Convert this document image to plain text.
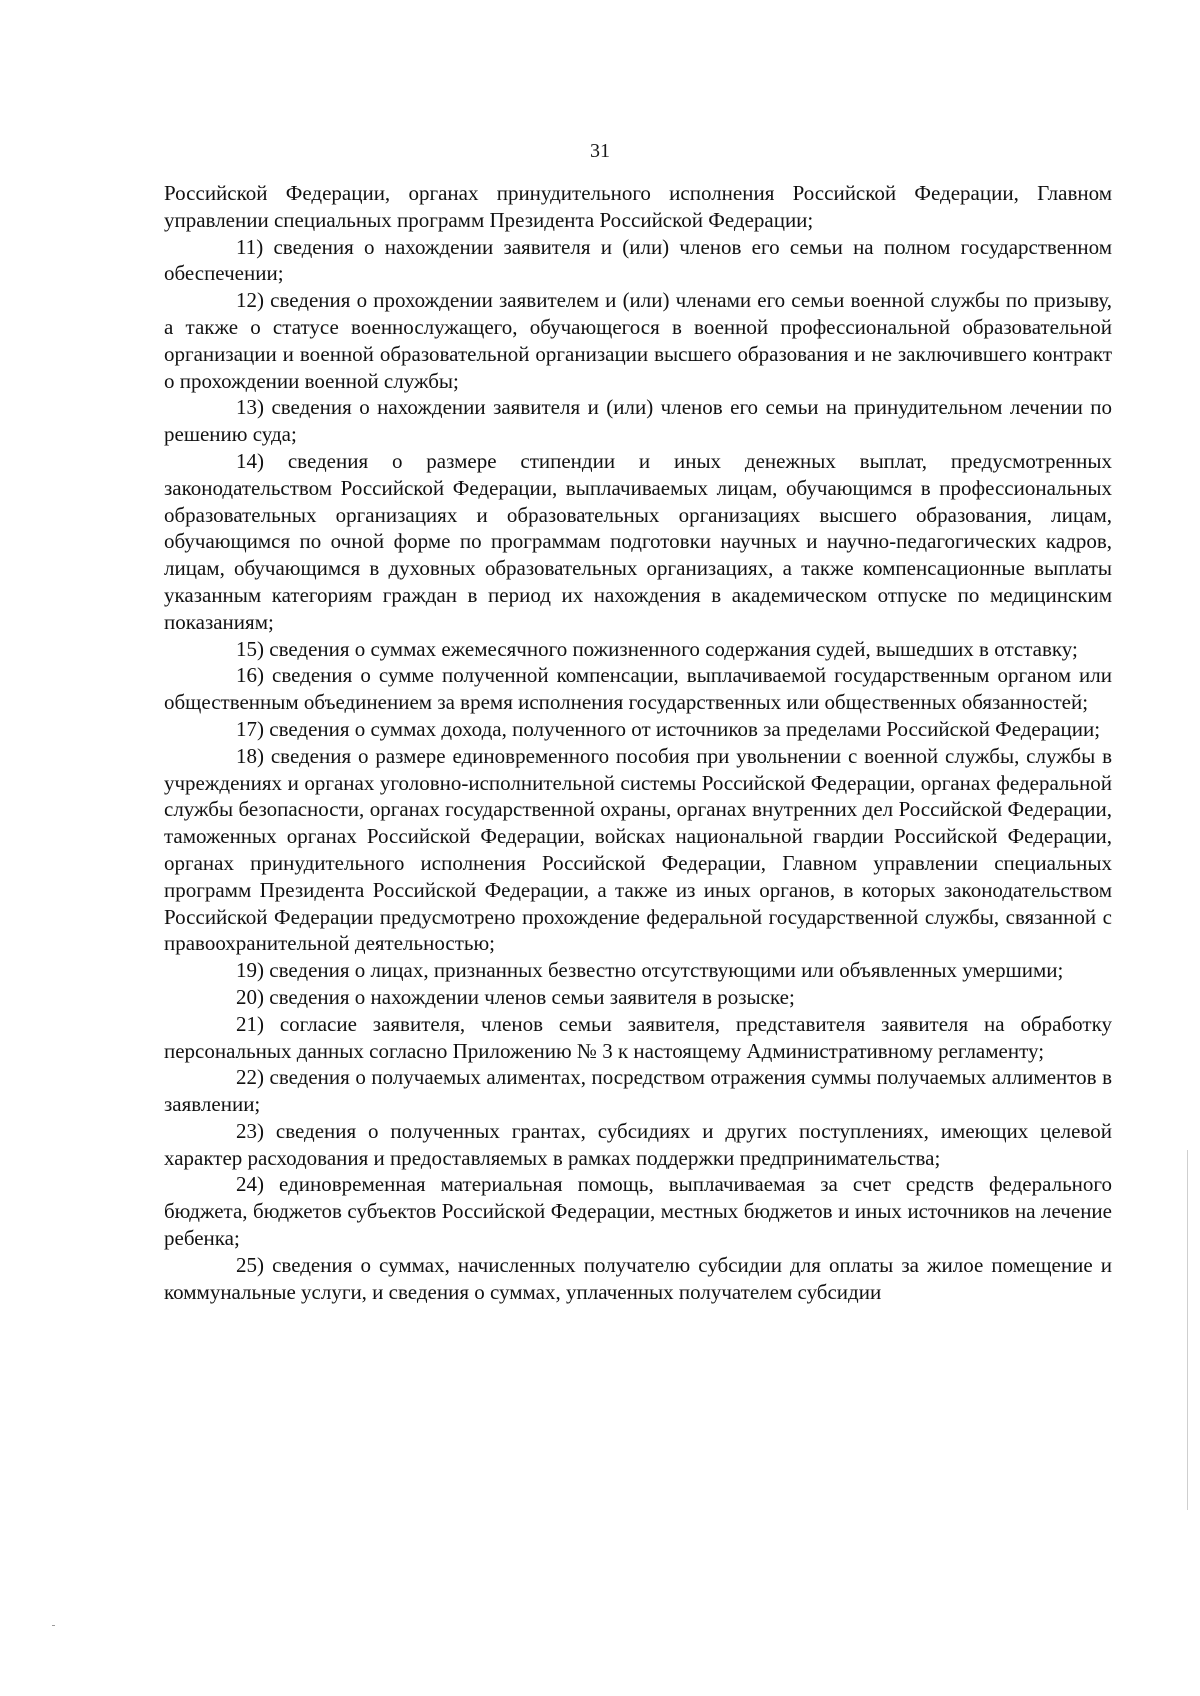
31

Российской Федерации, органах принудительного исполнения Российской Федерации, Главном управлении специальных программ Президента Российской Федерации;

11) сведения о нахождении заявителя и (или) членов его семьи на полном государственном обеспечении;

12) сведения о прохождении заявителем и (или) членами его семьи военной службы по призыву, а также о статусе военнослужащего, обучающегося в военной профессиональной образовательной организации и военной образовательной организации высшего образования и не заключившего контракт о прохождении военной службы;

13) сведения о нахождении заявителя и (или) членов его семьи на принудительном лечении по решению суда;

14) сведения о размере стипендии и иных денежных выплат, предусмотренных законодательством Российской Федерации, выплачиваемых лицам, обучающимся в профессиональных образовательных организациях и образовательных организациях высшего образования, лицам, обучающимся по очной форме по программам подготовки научных и научно-педагогических кадров, лицам, обучающимся в духовных образовательных организациях, а также компенсационные выплаты указанным категориям граждан в период их нахождения в академическом отпуске по медицинским показаниям;

15) сведения о суммах ежемесячного пожизненного содержания судей, вышедших в отставку;

16) сведения о сумме полученной компенсации, выплачиваемой государственным органом или общественным объединением за время исполнения государственных или общественных обязанностей;

17) сведения о суммах дохода, полученного от источников за пределами Российской Федерации;

18) сведения о размере единовременного пособия при увольнении с военной службы, службы в учреждениях и органах уголовно-исполнительной системы Российской Федерации, органах федеральной службы безопасности, органах государственной охраны, органах внутренних дел Российской Федерации, таможенных органах Российской Федерации, войсках национальной гвардии Российской Федерации, органах принудительного исполнения Российской Федерации, Главном управлении специальных программ Президента Российской Федерации, а также из иных органов, в которых законодательством Российской Федерации предусмотрено прохождение федеральной государственной службы, связанной с правоохранительной деятельностью;

19) сведения о лицах, признанных безвестно отсутствующими или объявленных умершими;

20) сведения о нахождении членов семьи заявителя в розыске;

21) согласие заявителя, членов семьи заявителя, представителя заявителя на обработку персональных данных согласно Приложению № 3 к настоящему Административному регламенту;

22) сведения о получаемых алиментах, посредством отражения суммы получаемых аллиментов в заявлении;

23) сведения о полученных грантах, субсидиях и других поступлениях, имеющих целевой характер расходования и предоставляемых в рамках поддержки предпринимательства;

24) единовременная материальная помощь, выплачиваемая за счет средств федерального бюджета, бюджетов субъектов Российской Федерации, местных бюджетов и иных источников на лечение ребенка;

25) сведения о суммах, начисленных получателю субсидии для оплаты за жилое помещение и коммунальные услуги, и сведения о суммах, уплаченных получателем субсидии
